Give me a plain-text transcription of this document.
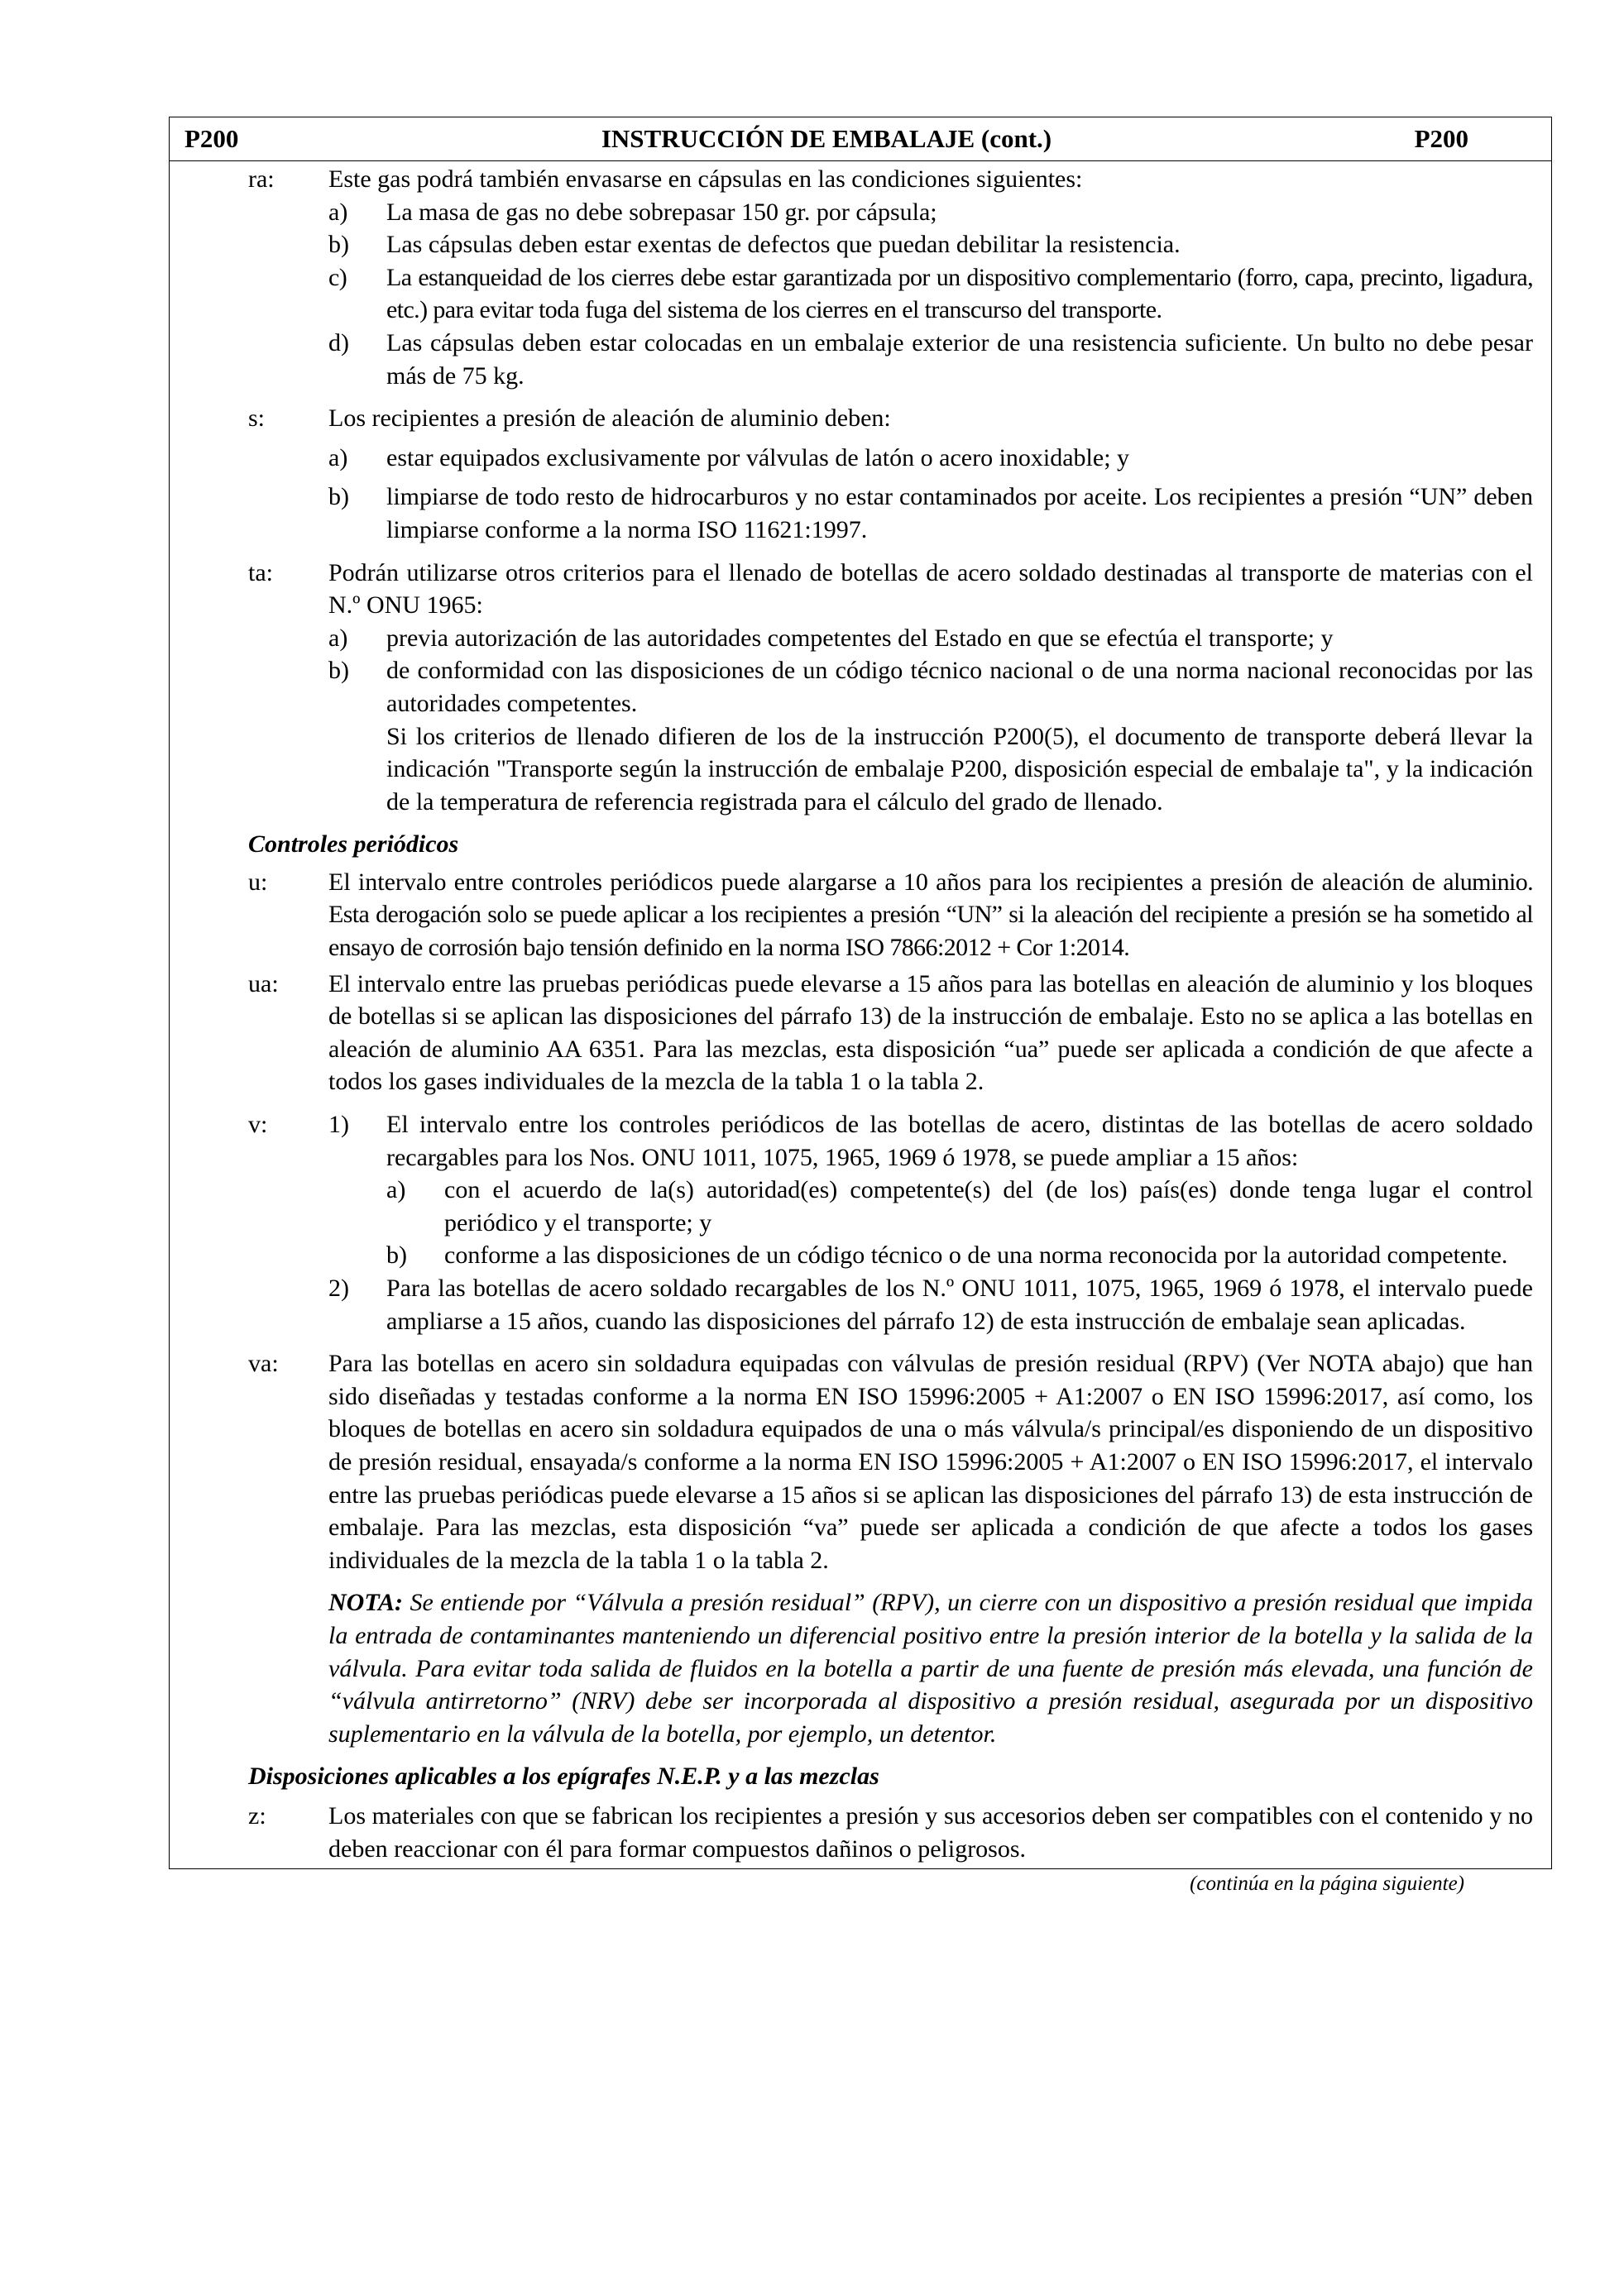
P200	INSTRUCCIÓN DE EMBALAJE (cont.)	P200
ra:	Este gas podrá también envasarse en cápsulas en las condiciones siguientes:
a)	La masa de gas no debe sobrepasar 150 gr. por cápsula;
b)	Las cápsulas deben estar exentas de defectos que puedan debilitar la resistencia.
c)	La estanqueidad de los cierres debe estar garantizada por un dispositivo complementario (forro, capa, precinto, ligadura, etc.) para evitar toda fuga del sistema de los cierres en el transcurso del transporte.
d)	Las cápsulas deben estar colocadas en un embalaje exterior de una resistencia suficiente. Un bulto no debe pesar más de 75 kg.
s:	Los recipientes a presión de aleación de aluminio deben:
a)	estar equipados exclusivamente por válvulas de latón o acero inoxidable; y
b)	limpiarse de todo resto de hidrocarburos y no estar contaminados por aceite. Los recipientes a presión “UN” deben limpiarse conforme a la norma ISO 11621:1997.
ta:	Podrán utilizarse otros criterios para el llenado de botellas de acero soldado destinadas al transporte de materias con el N.º ONU 1965:
a)	previa autorización de las autoridades competentes del Estado en que se efectúa el transporte; y
b)	de conformidad con las disposiciones de un código técnico nacional o de una norma nacional reconocidas por las autoridades competentes.
Si los criterios de llenado difieren de los de la instrucción P200(5), el documento de transporte deberá llevar la indicación "Transporte según la instrucción de embalaje P200, disposición especial de embalaje ta", y la indicación de la temperatura de referencia registrada para el cálculo del grado de llenado.
Controles periódicos
u:	El intervalo entre controles periódicos puede alargarse a 10 años para los recipientes a presión de aleación de aluminio. Esta derogación solo se puede aplicar a los recipientes a presión “UN” si la aleación del recipiente a presión se ha sometido al ensayo de corrosión bajo tensión definido en la norma ISO 7866:2012 + Cor 1:2014.
ua:	El intervalo entre las pruebas periódicas puede elevarse a 15 años para las botellas en aleación de aluminio y los bloques de botellas si se aplican las disposiciones del párrafo 13) de la instrucción de embalaje. Esto no se aplica a las botellas en aleación de aluminio AA 6351. Para las mezclas, esta disposición “ua” puede ser aplicada a condición de que afecte a todos los gases individuales de la mezcla de la tabla 1 o la tabla 2.
v:	1)	El intervalo entre los controles periódicos de las botellas de acero, distintas de las botellas de acero soldado recargables para los Nos. ONU 1011, 1075, 1965, 1969 ó 1978, se puede ampliar a 15 años:
a)	con el acuerdo de la(s) autoridad(es) competente(s) del (de los) país(es) donde tenga lugar el control periódico y el transporte; y
b)	conforme a las disposiciones de un código técnico o de una norma reconocida por la autoridad competente.
2)	Para las botellas de acero soldado recargables de los N.º ONU 1011, 1075, 1965, 1969 ó 1978, el intervalo puede ampliarse a 15 años, cuando las disposiciones del párrafo 12) de esta instrucción de embalaje sean aplicadas.
va:	Para las botellas en acero sin soldadura equipadas con válvulas de presión residual (RPV) (Ver NOTA abajo) que han sido diseñadas y testadas conforme a la norma EN ISO 15996:2005 + A1:2007 o EN ISO 15996:2017, así como, los bloques de botellas en acero sin soldadura equipados de una o más válvula/s principal/es disponiendo de un dispositivo de presión residual, ensayada/s conforme a la norma EN ISO 15996:2005 + A1:2007 o EN ISO 15996:2017, el intervalo entre las pruebas periódicas puede elevarse a 15 años si se aplican las disposiciones del párrafo 13) de esta instrucción de embalaje. Para las mezclas, esta disposición “va” puede ser aplicada a condición de que afecte a todos los gases individuales de la mezcla de la tabla 1 o la tabla 2.
NOTA: Se entiende por “Válvula a presión residual” (RPV), un cierre con un dispositivo a presión residual que impida la entrada de contaminantes manteniendo un diferencial positivo entre la presión interior de la botella y la salida de la válvula. Para evitar toda salida de fluidos en la botella a partir de una fuente de presión más elevada, una función de “válvula antirretorno” (NRV) debe ser incorporada al dispositivo a presión residual, asegurada por un dispositivo suplementario en la válvula de la botella, por ejemplo, un detentor.
Disposiciones aplicables a los epígrafes N.E.P. y a las mezclas
z:	Los materiales con que se fabrican los recipientes a presión y sus accesorios deben ser compatibles con el contenido y no deben reaccionar con él para formar compuestos dañinos o peligrosos.
(continúa en la página siguiente)
